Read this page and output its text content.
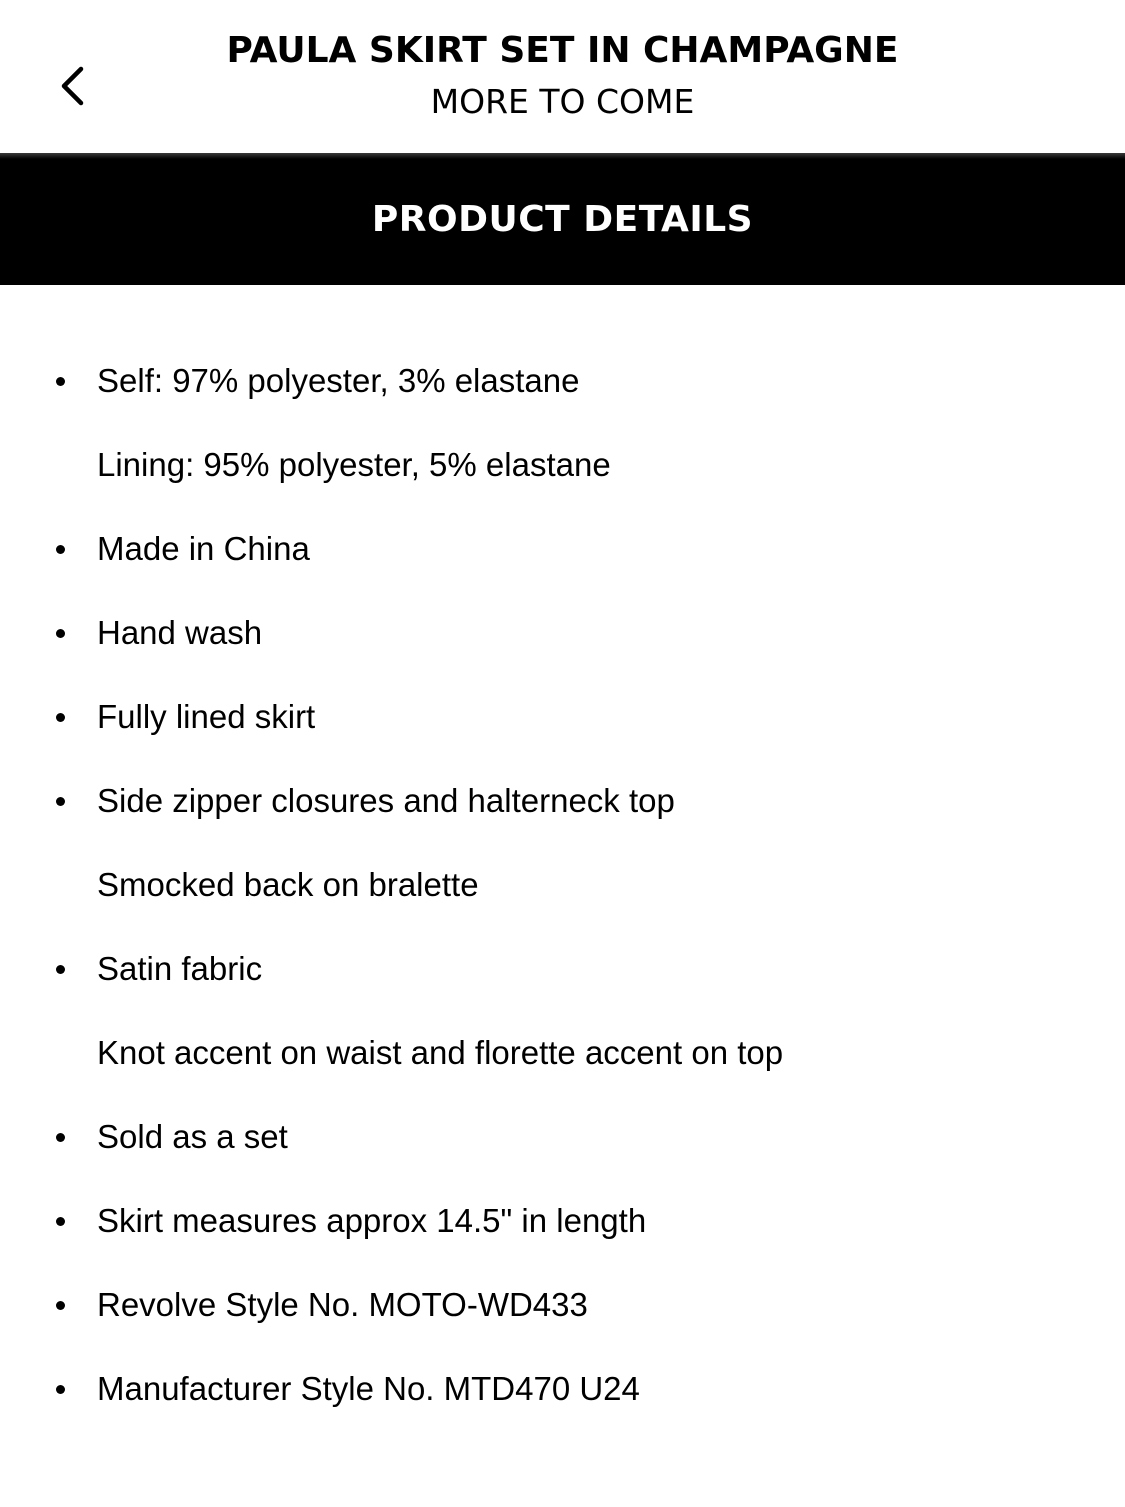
PAULA SKIRT SET IN CHAMPAGNE
MORE TO COME
PRODUCT DETAILS
Self: 97% polyester, 3% elastane
Lining: 95% polyester, 5% elastane
Made in China
Hand wash
Fully lined skirt
Side zipper closures and halterneck top
Smocked back on bralette
Satin fabric
Knot accent on waist and florette accent on top
Sold as a set
Skirt measures approx 14.5" in length
Revolve Style No. MOTO-WD433
Manufacturer Style No. MTD470 U24
